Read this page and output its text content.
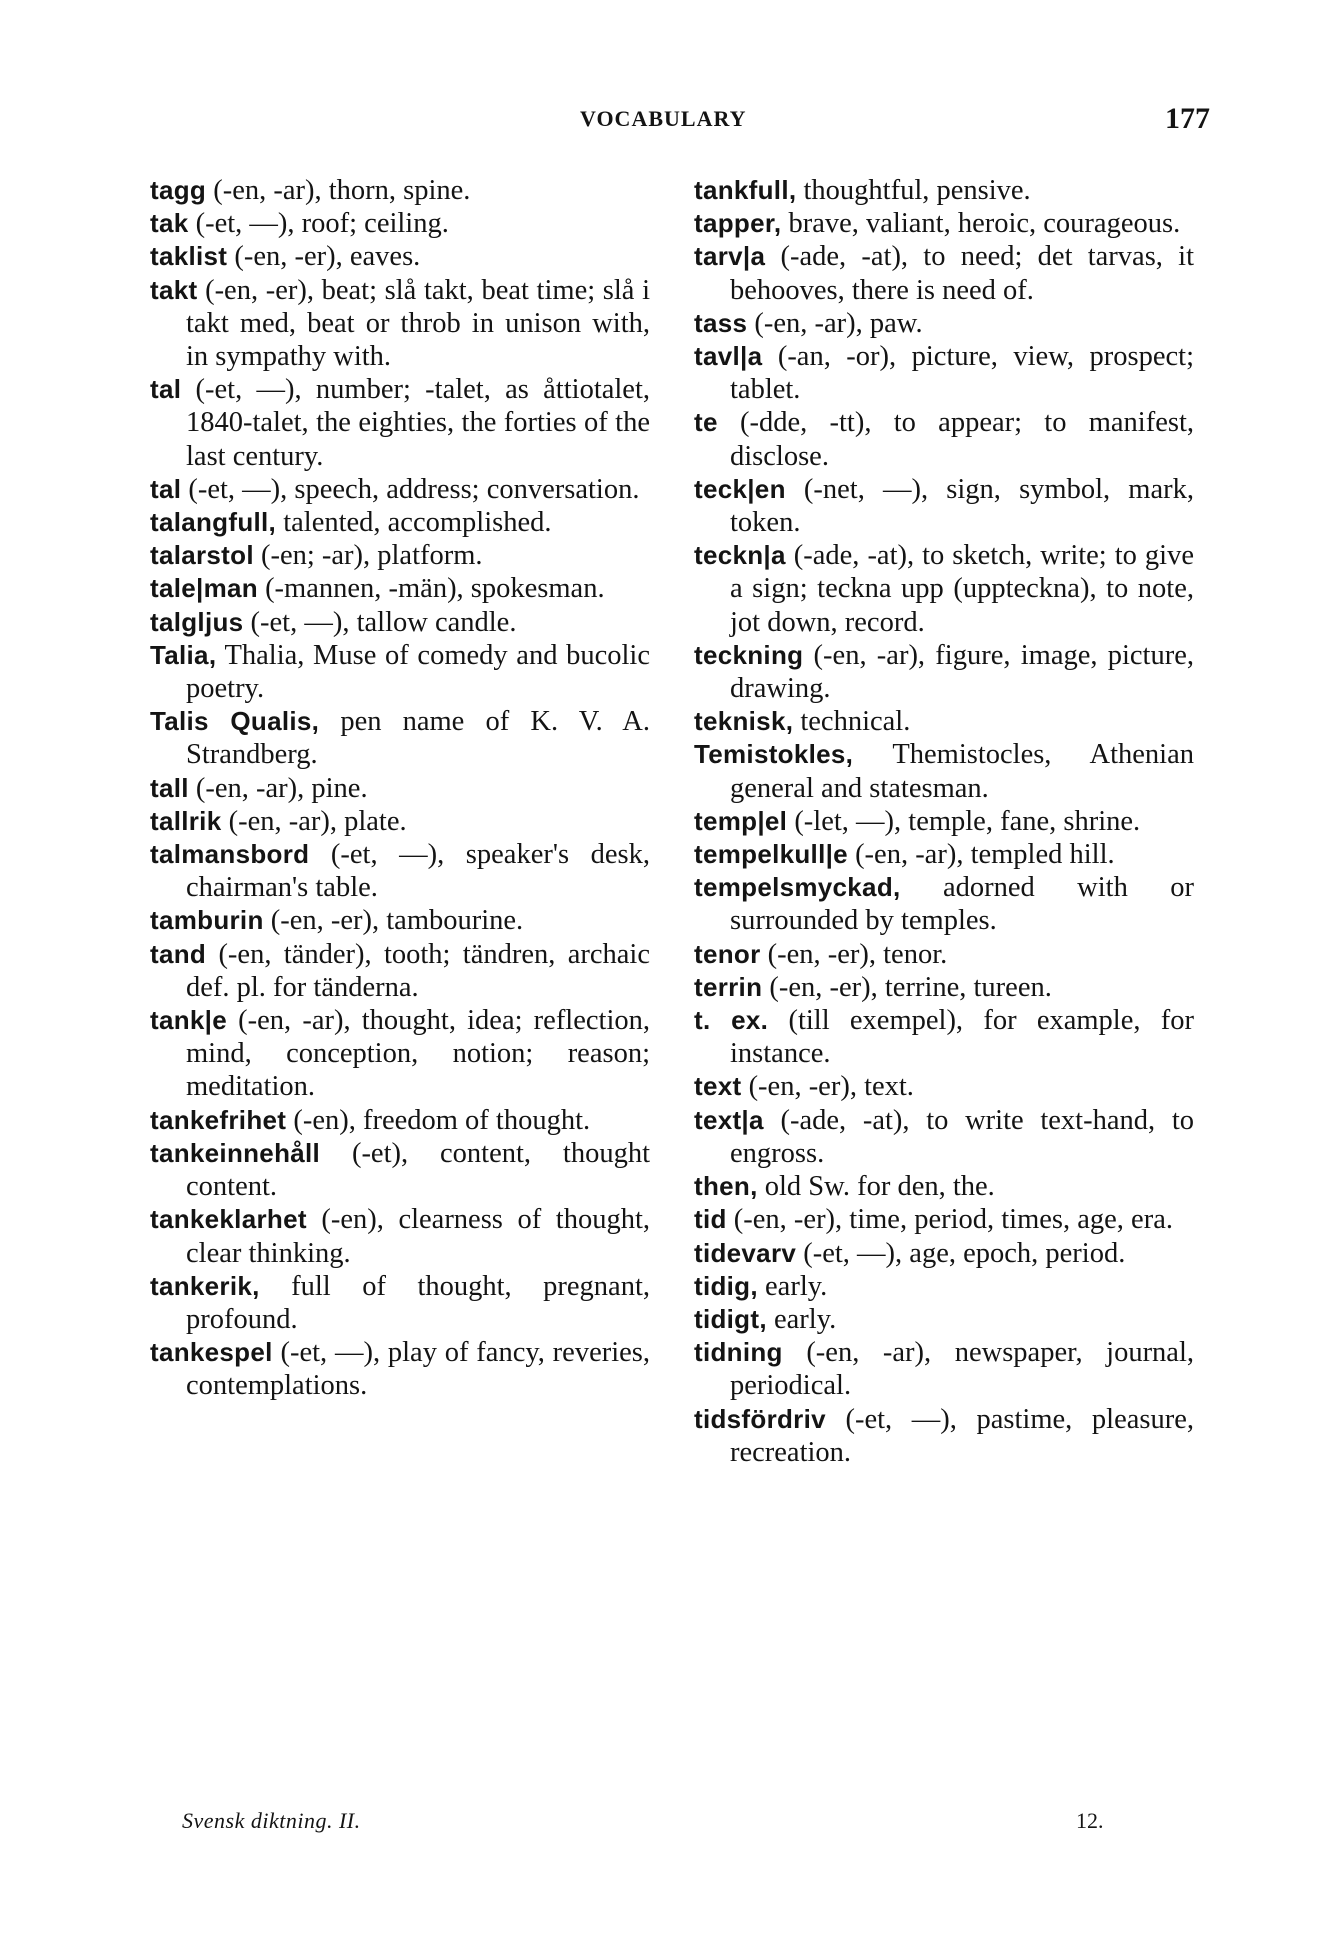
VOCABULARY	177

tagg (-en, -ar), thorn, spine.

tak (-et, —), roof; ceiling.

taklist (-en, -er), eaves.

takt (-en, -er), beat; slå takt, beat time; slå i takt med, beat or throb in unison with, in sympathy with.

tal (-et, —), number; -talet, as åttiotalet, 1840-talet, the eighties, the forties of the last century.

tal (-et, —), speech, address; conversation.

talangfull, talented, accomplished.

talarstol (-en; -ar), platform.

tale|man (-mannen, -män), spokesman.

talgljus (-et, —), tallow candle.

Talia, Thalia, Muse of comedy and bucolic poetry.

Talis Qualis, pen name of K. V. A. Strandberg.

tall (-en, -ar), pine.

tallrik (-en, -ar), plate.

talmansbord (-et, —), speaker's desk, chairman's table.

tamburin (-en, -er), tambourine.

tand (-en, tänder), tooth; tändren, archaic def. pl. for tänderna.

tank|e (-en, -ar), thought, idea; reflection, mind, conception, notion; reason; meditation.

tankefrihet (-en), freedom of thought.

tankeinnehåll (-et), content, thought content.

tankeklarhet (-en), clearness of thought, clear thinking.

tankerik, full of thought, pregnant, profound.

tankespel (-et, —), play of fancy, reveries, contemplations.

tankfull, thoughtful, pensive.

tapper, brave, valiant, heroic, courageous.

tarv|a (-ade, -at), to need; det tarvas, it behooves, there is need of.

tass (-en, -ar), paw.

tavl|a (-an, -or), picture, view, prospect; tablet.

te (-dde, -tt), to appear; to manifest, disclose.

teck|en (-net, —), sign, symbol, mark, token.

teckn|a (-ade, -at), to sketch, write; to give a sign; teckna upp (uppteckna), to note, jot down, record.

teckning (-en, -ar), figure, image, picture, drawing.

teknisk, technical.

Temistokles, Themistocles, Athenian general and statesman.

temp|el (-let, —), temple, fane, shrine.

tempelkull|e (-en, -ar), templed hill.

tempelsmyckad, adorned with or surrounded by temples.

tenor (-en, -er), tenor.

terrin (-en, -er), terrine, tureen.

t. ex. (till exempel), for example, for instance.

text (-en, -er), text.

text|a (-ade, -at), to write text-hand, to engross.

then, old Sw. for den, the.

tid (-en, -er), time, period, times, age, era.

tidevarv (-et, —), age, epoch, period.

tidig, early.

tidigt, early.

tidning (-en, -ar), newspaper, journal, periodical.

tidsfördriv (-et, —), pastime, pleasure, recreation.

Svensk diktning. II.	12.
